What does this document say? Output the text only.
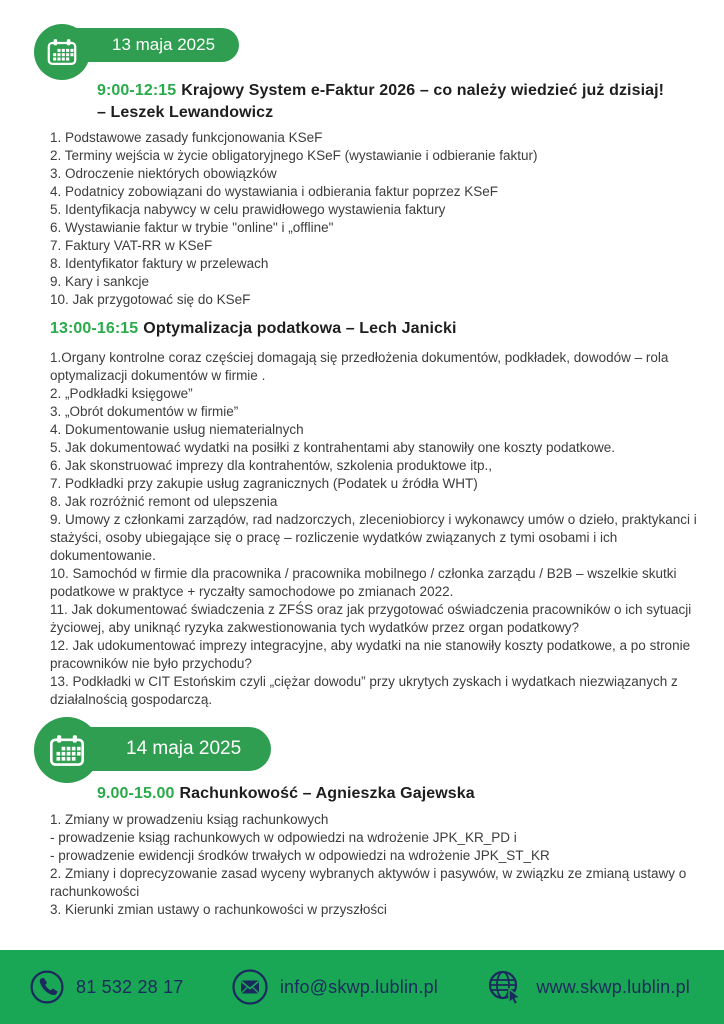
13 maja 2025
9:00-12:15 Krajowy System e-Faktur 2026 – co należy wiedzieć już dzisiaj!
– Leszek Lewandowicz
1. Podstawowe zasady funkcjonowania KSeF
2. Terminy wejścia w życie obligatoryjnego KSeF (wystawianie i odbieranie faktur)
3. Odroczenie niektórych obowiązków
4. Podatnicy zobowiązani do wystawiania i odbierania faktur poprzez KSeF
5. Identyfikacja nabywcy w celu prawidłowego wystawienia faktury
6. Wystawianie faktur w trybie "online" i „offline"
7. Faktury VAT-RR w KSeF
8. Identyfikator faktury w przelewach
9. Kary i sankcje
10. Jak przygotować się do KSeF
13:00-16:15 Optymalizacja podatkowa – Lech Janicki
1.Organy kontrolne coraz częściej domagają się przedłożenia dokumentów, podkładek, dowodów – rola optymalizacji dokumentów w firmie .
2. „Podkładki księgowe”
3. „Obrót dokumentów w firmie”
4. Dokumentowanie usług niematerialnych
5. Jak dokumentować wydatki na posiłki z kontrahentami aby stanowiły one koszty podatkowe.
6. Jak skonstruować imprezy dla kontrahentów, szkolenia produktowe itp.,
7. Podkładki przy zakupie usług zagranicznych (Podatek u źródła WHT)
8. Jak rozróżnić remont od ulepszenia
9. Umowy z członkami zarządów, rad nadzorczych, zleceniobiorcy i wykonawcy umów o dzieło, praktykanci i stażyści, osoby ubiegające się o pracę – rozliczenie wydatków związanych z tymi osobami i ich dokumentowanie.
10. Samochód w firmie dla pracownika / pracownika mobilnego / członka zarządu / B2B – wszelkie skutki podatkowe w praktyce + ryczałty samochodowe po zmianach 2022.
11. Jak dokumentować świadczenia z ZFŚS oraz jak przygotować oświadczenia pracowników o ich sytuacji życiowej, aby uniknąć ryzyka zakwestionowania tych wydatków przez organ podatkowy?
12. Jak udokumentować imprezy integracyjne, aby wydatki na nie stanowiły koszty podatkowe, a po stronie pracowników nie było przychodu?
13. Podkładki w CIT Estońskim czyli „ciężar dowodu” przy ukrytych zyskach i wydatkach niezwiązanych z działalnością gospodarczą.
14 maja 2025
9.00-15.00 Rachunkowość – Agnieszka Gajewska
1. Zmiany w prowadzeniu ksiąg rachunkowych
- prowadzenie ksiąg rachunkowych w odpowiedzi na wdrożenie JPK_KR_PD i
- prowadzenie ewidencji środków trwałych w odpowiedzi na wdrożenie JPK_ST_KR
2. Zmiany i doprecyzowanie zasad wyceny wybranych aktywów i pasywów, w związku ze zmianą ustawy o rachunkowości
3. Kierunki zmian ustawy o rachunkowości w przyszłości
81 532 28 17	info@skwp.lublin.pl	www.skwp.lublin.pl
